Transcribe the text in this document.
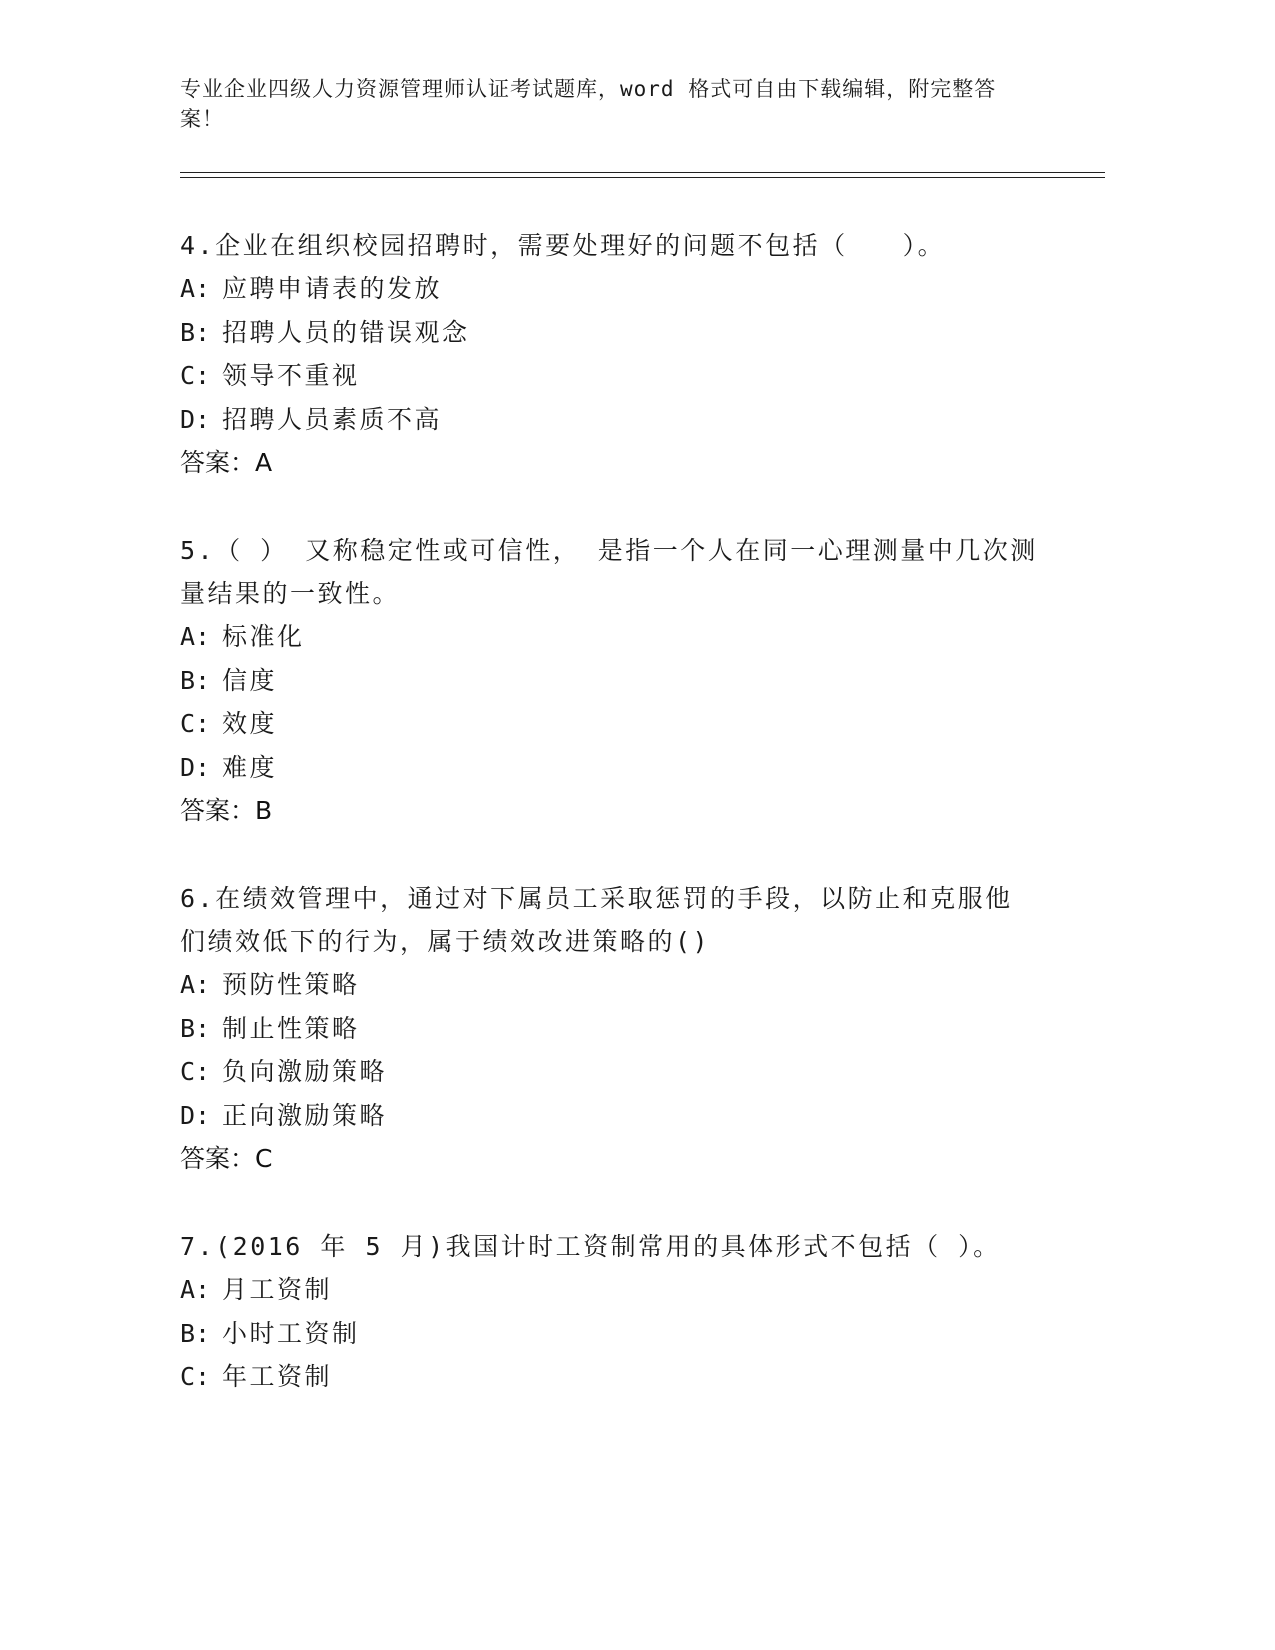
专业企业四级人力资源管理师认证考试题库，word 格式可自由下载编辑，附完整答案！
4.企业在组织校园招聘时，需要处理好的问题不包括（　　）。
A: 应聘申请表的发放
B: 招聘人员的错误观念
C: 领导不重视
D: 招聘人员素质不高
答案：A
5.（ ） 又称稳定性或可信性， 是指一个人在同一心理测量中几次测量结果的一致性。
A: 标准化
B: 信度
C: 效度
D: 难度
答案：B
6.在绩效管理中，通过对下属员工采取惩罚的手段，以防止和克服他们绩效低下的行为，属于绩效改进策略的()
A: 预防性策略
B: 制止性策略
C: 负向激励策略
D: 正向激励策略
答案：C
7.(2016 年 5 月)我国计时工资制常用的具体形式不包括（ ）。
A: 月工资制
B: 小时工资制
C: 年工资制
